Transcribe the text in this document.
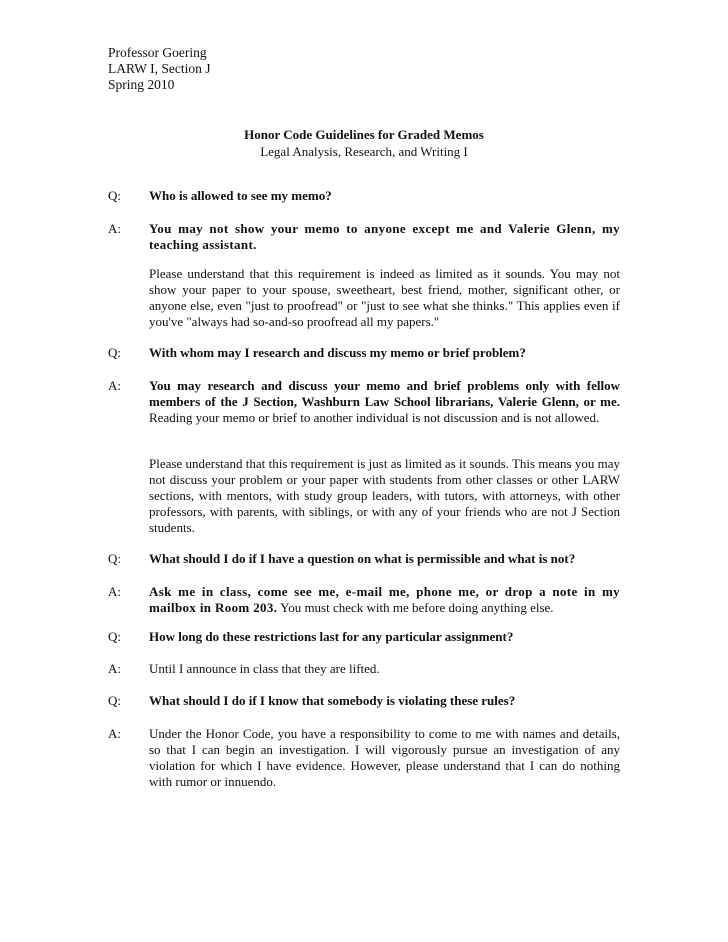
Professor Goering
LARW I, Section J
Spring 2010
Honor Code Guidelines for Graded Memos
Legal Analysis, Research, and Writing I
Q:	Who is allowed to see my memo?
A:	You may not show your memo to anyone except me and Valerie Glenn, my teaching assistant.
Please understand that this requirement is indeed as limited as it sounds. You may not show your paper to your spouse, sweetheart, best friend, mother, significant other, or anyone else, even "just to proofread" or "just to see what she thinks." This applies even if you've "always had so-and-so proofread all my papers."
Q:	With whom may I research and discuss my memo or brief problem?
A:	You may research and discuss your memo and brief problems only with fellow members of the J Section, Washburn Law School librarians, Valerie Glenn, or me. Reading your memo or brief to another individual is not discussion and is not allowed.
Please understand that this requirement is just as limited as it sounds. This means you may not discuss your problem or your paper with students from other classes or other LARW sections, with mentors, with study group leaders, with tutors, with attorneys, with other professors, with parents, with siblings, or with any of your friends who are not J Section students.
Q:	What should I do if I have a question on what is permissible and what is not?
A:	Ask me in class, come see me, e-mail me, phone me, or drop a note in my mailbox in Room 203. You must check with me before doing anything else.
Q:	How long do these restrictions last for any particular assignment?
A:	Until I announce in class that they are lifted.
Q:	What should I do if I know that somebody is violating these rules?
A:	Under the Honor Code, you have a responsibility to come to me with names and details, so that I can begin an investigation. I will vigorously pursue an investigation of any violation for which I have evidence. However, please understand that I can do nothing with rumor or innuendo.
